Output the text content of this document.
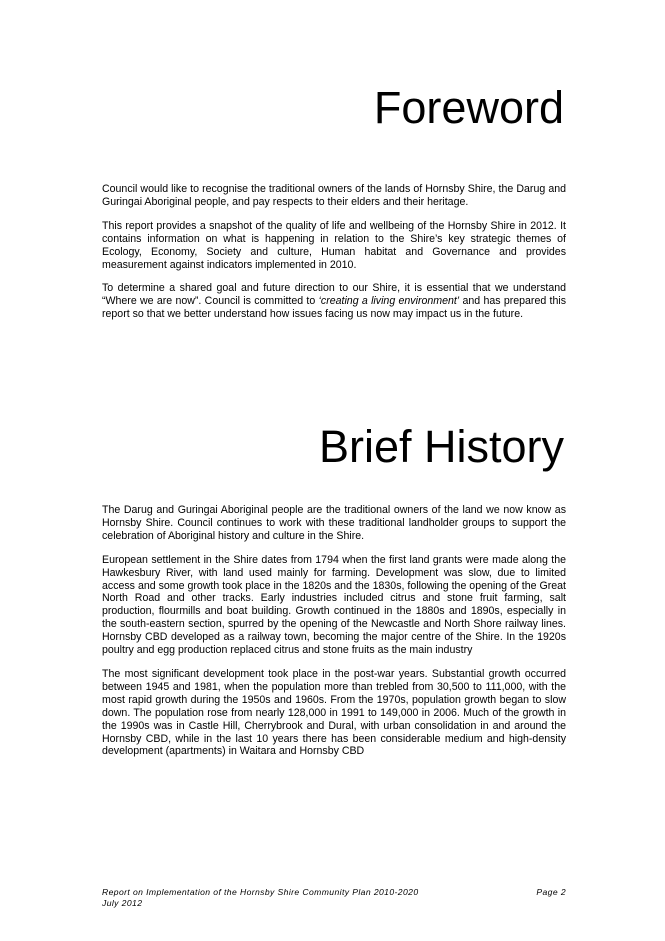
Foreword

Council would like to recognise the traditional owners of the lands of Hornsby Shire, the Darug and Guringai Aboriginal people, and pay respects to their elders and their heritage.

This report provides a snapshot of the quality of life and wellbeing of the Hornsby Shire in 2012. It contains information on what is happening in relation to the Shire’s key strategic themes of Ecology, Economy, Society and culture, Human habitat and Governance and provides measurement against indicators implemented in 2010.

To determine a shared goal and future direction to our Shire, it is essential that we understand “Where we are now”. Council is committed to ‘creating a living environment’ and has prepared this report so that we better understand how issues facing us now may impact us in the future.

Brief History

The Darug and Guringai Aboriginal people are the traditional owners of the land we now know as Hornsby Shire. Council continues to work with these traditional landholder groups to support the celebration of Aboriginal history and culture in the Shire.

European settlement in the Shire dates from 1794 when the first land grants were made along the Hawkesbury River, with land used mainly for farming. Development was slow, due to limited access and some growth took place in the 1820s and the 1830s, following the opening of the Great North Road and other tracks. Early industries included citrus and stone fruit farming, salt production, flourmills and boat building. Growth continued in the 1880s and 1890s, especially in the south-eastern section, spurred by the opening of the Newcastle and North Shore railway lines. Hornsby CBD developed as a railway town, becoming the major centre of the Shire. In the 1920s poultry and egg production replaced citrus and stone fruits as the main industry

The most significant development took place in the post-war years. Substantial growth occurred between 1945 and 1981, when the population more than trebled from 30,500 to 111,000, with the most rapid growth during the 1950s and 1960s. From the 1970s, population growth began to slow down. The population rose from nearly 128,000 in 1991 to 149,000 in 2006. Much of the growth in the 1990s was in Castle Hill, Cherrybrook and Dural, with urban consolidation in and around the Hornsby CBD, while in the last 10 years there has been considerable medium and high-density development (apartments) in Waitara and Hornsby CBD

Report on Implementation of the Hornsby Shire Community Plan 2010-2020	Page 2
July 2012
